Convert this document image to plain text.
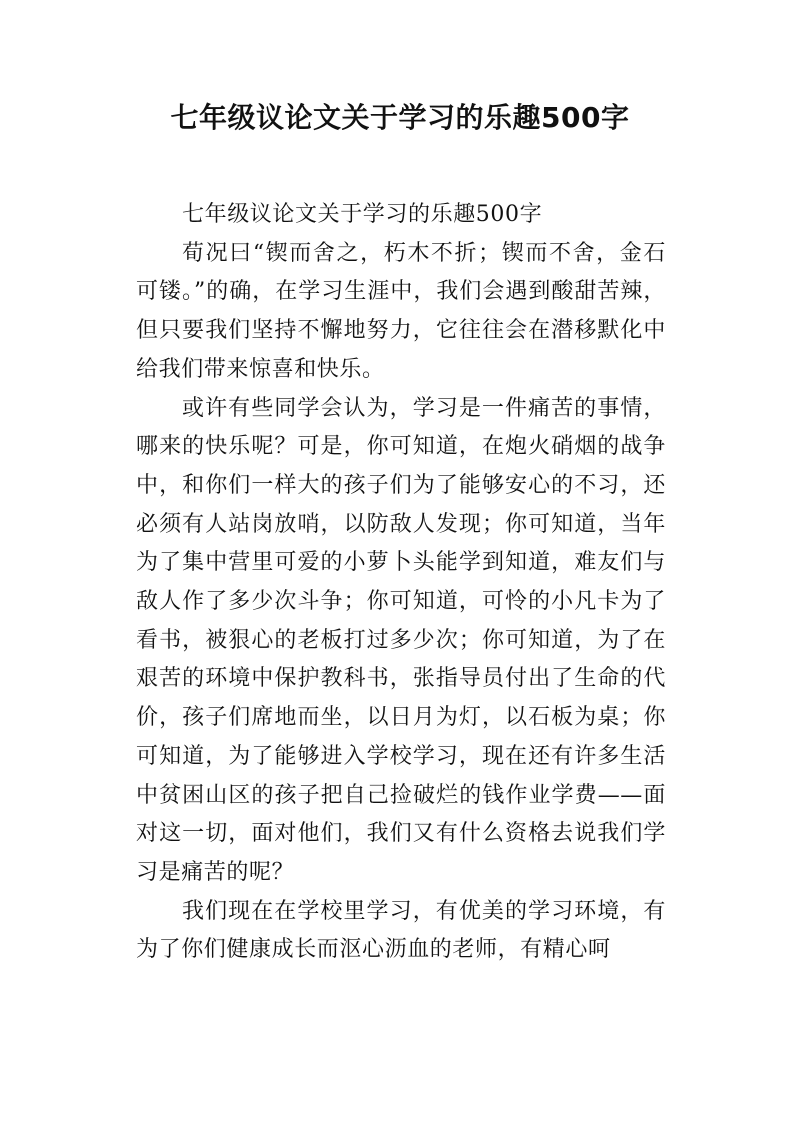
七年级议论文关于学习的乐趣500字

七年级议论文关于学习的乐趣500字

荀况曰“锲而舍之，朽木不折；锲而不舍，金石可镂。”的确，在学习生涯中，我们会遇到酸甜苦辣，但只要我们坚持不懈地努力，它往往会在潜移默化中给我们带来惊喜和快乐。

或许有些同学会认为，学习是一件痛苦的事情，哪来的快乐呢？可是，你可知道，在炮火硝烟的战争中，和你们一样大的孩子们为了能够安心的不习，还必须有人站岗放哨，以防敌人发现；你可知道，当年为了集中营里可爱的小萝卜头能学到知道，难友们与敌人作了多少次斗争；你可知道，可怜的小凡卡为了看书，被狠心的老板打过多少次；你可知道，为了在艰苦的环境中保护教科书，张指导员付出了生命的代价，孩子们席地而坐，以日月为灯，以石板为桌；你可知道，为了能够进入学校学习，现在还有许多生活中贫困山区的孩子把自己捡破烂的钱作业学费——面对这一切，面对他们，我们又有什么资格去说我们学习是痛苦的呢？

我们现在在学校里学习，有优美的学习环境，有为了你们健康成长而沤心沥血的老师，有精心呵
